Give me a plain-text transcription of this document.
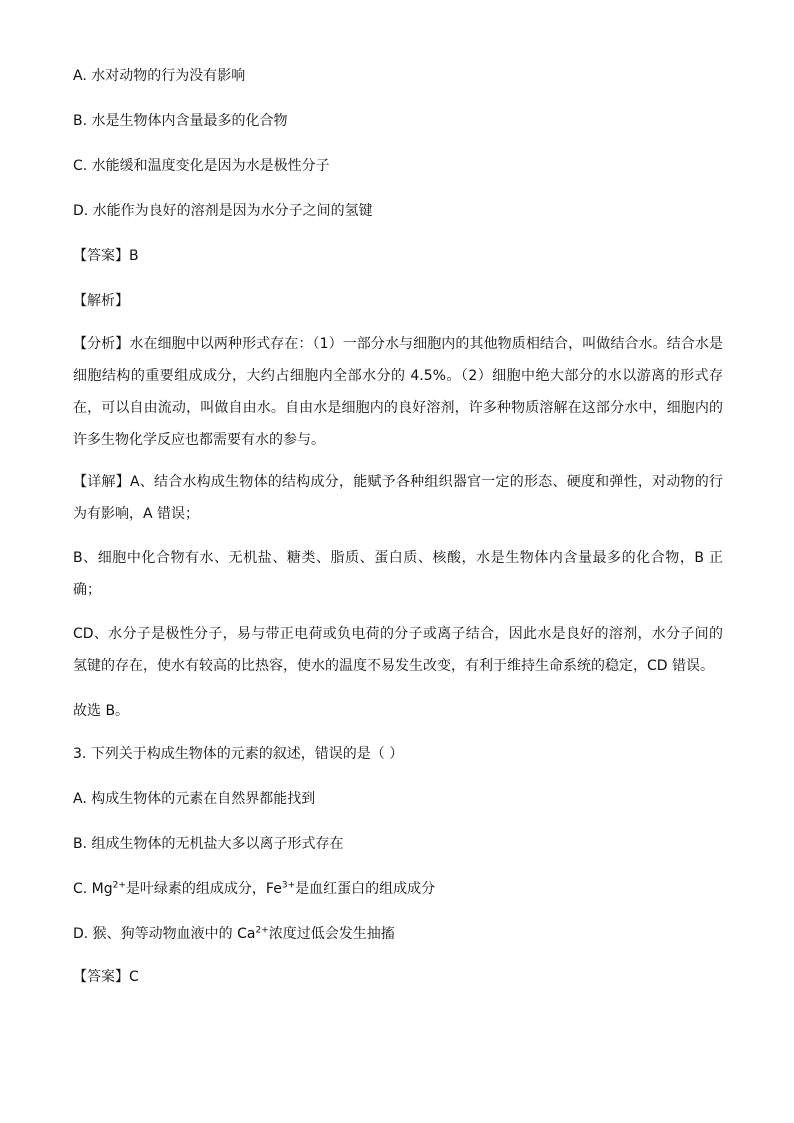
A. 水对动物的行为没有影响
B. 水是生物体内含量最多的化合物
C. 水能缓和温度变化是因为水是极性分子
D. 水能作为良好的溶剂是因为水分子之间的氢键
【答案】B
【解析】
【分析】水在细胞中以两种形式存在：（1）一部分水与细胞内的其他物质相结合，叫做结合水。结合水是细胞结构的重要组成成分，大约占细胞内全部水分的 4.5%。（2）细胞中绝大部分的水以游离的形式存在，可以自由流动，叫做自由水。自由水是细胞内的良好溶剂，许多种物质溶解在这部分水中，细胞内的许多生物化学反应也都需要有水的参与。
【详解】A、结合水构成生物体的结构成分，能赋予各种组织器官一定的形态、硬度和弹性，对动物的行为有影响，A 错误；
B、细胞中化合物有水、无机盐、糖类、脂质、蛋白质、核酸，水是生物体内含量最多的化合物，B 正确；
CD、水分子是极性分子，易与带正电荷或负电荷的分子或离子结合，因此水是良好的溶剂，水分子间的氢键的存在，使水有较高的比热容，使水的温度不易发生改变，有利于维持生命系统的稳定，CD 错误。
故选 B。
3. 下列关于构成生物体的元素的叙述，错误的是（ ）
A. 构成生物体的元素在自然界都能找到
B. 组成生物体的无机盐大多以离子形式存在
C. $Mg^{2+}$是叶绿素的组成成分，$Fe^{3+}$是血红蛋白的组成成分
D. 猴、狗等动物血液中的 $Ca^{2+}$浓度过低会发生抽搐
【答案】C
